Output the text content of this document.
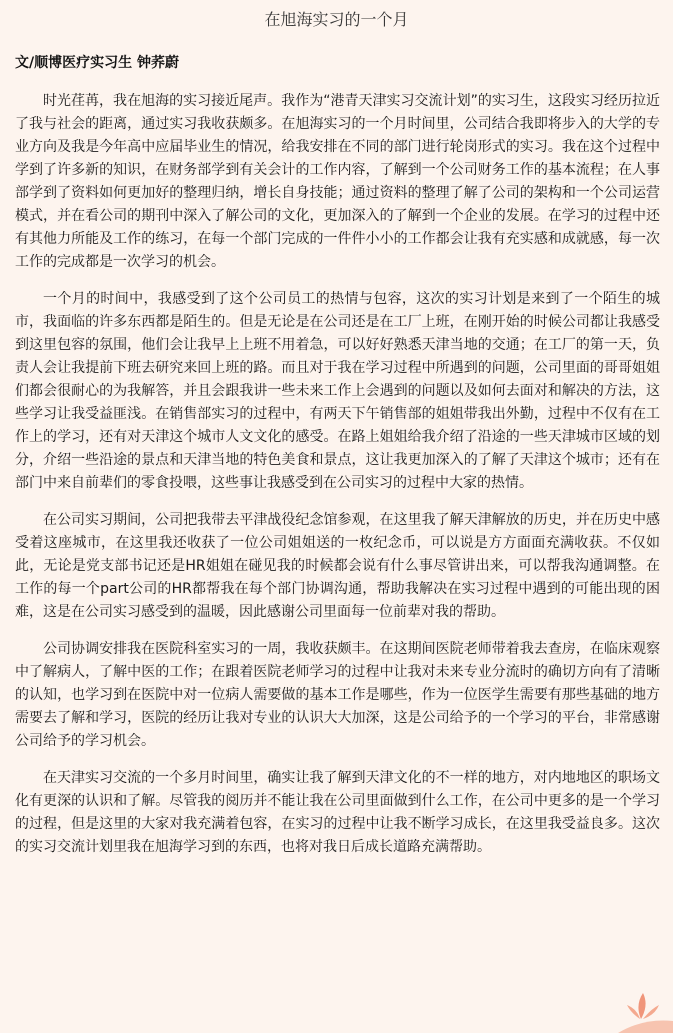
在旭海实习的一个月
文/顺博医疗实习生 钟荞蔚

时光荏苒，我在旭海的实习接近尾声。我作为“港青天津实习交流计划”的实习生，这段实习经历拉近了我与社会的距离，通过实习我收获颇多。在旭海实习的一个月时间里，公司结合我即将步入的大学的专业方向及我是今年高中应届毕业生的情况，给我安排在不同的部门进行轮岗形式的实习。我在这个过程中学到了许多新的知识，在财务部学到有关会计的工作内容，了解到一个公司财务工作的基本流程；在人事部学到了资料如何更加好的整理归纳，增长自身技能；通过资料的整理了解了公司的架构和一个公司运营模式，并在看公司的期刊中深入了解公司的文化，更加深入的了解到一个企业的发展。在学习的过程中还有其他力所能及工作的练习，在每一个部门完成的一件件小小的工作都会让我有充实感和成就感，每一次工作的完成都是一次学习的机会。

一个月的时间中，我感受到了这个公司员工的热情与包容，这次的实习计划是来到了一个陌生的城市，我面临的许多东西都是陌生的。但是无论是在公司还是在工厂上班，在刚开始的时候公司都让我感受到这里包容的氛围，他们会让我早上上班不用着急，可以好好熟悉天津当地的交通；在工厂的第一天，负责人会让我提前下班去研究来回上班的路。而且对于我在学习过程中所遇到的问题，公司里面的哥哥姐姐们都会很耐心的为我解答，并且会跟我讲一些未来工作上会遇到的问题以及如何去面对和解决的方法，这些学习让我受益匪浅。在销售部实习的过程中，有两天下午销售部的姐姐带我出外勤，过程中不仅有在工作上的学习，还有对天津这个城市人文文化的感受。在路上姐姐给我介绍了沿途的一些天津城市区域的划分，介绍一些沿途的景点和天津当地的特色美食和景点，这让我更加深入的了解了天津这个城市；还有在部门中来自前辈们的零食投喂，这些事让我感受到在公司实习的过程中大家的热情。

在公司实习期间，公司把我带去平津战役纪念馆参观，在这里我了解天津解放的历史，并在历史中感受着这座城市，在这里我还收获了一位公司姐姐送的一枚纪念币，可以说是方方面面充满收获。不仅如此，无论是党支部书记还是HR姐姐在碰见我的时候都会说有什么事尽管讲出来，可以帮我沟通调整。在工作的每一个part公司的HR都帮我在每个部门协调沟通，帮助我解决在实习过程中遇到的可能出现的困难，这是在公司实习感受到的温暖，因此感谢公司里面每一位前辈对我的帮助。

公司协调安排我在医院科室实习的一周，我收获颇丰。在这期间医院老师带着我去查房，在临床观察中了解病人，了解中医的工作；在跟着医院老师学习的过程中让我对未来专业分流时的确切方向有了清晰的认知，也学习到在医院中对一位病人需要做的基本工作是哪些，作为一位医学生需要有那些基础的地方需要去了解和学习，医院的经历让我对专业的认识大大加深，这是公司给予的一个学习的平台，非常感谢公司给予的学习机会。

在天津实习交流的一个多月时间里，确实让我了解到天津文化的不一样的地方，对内地地区的职场文化有更深的认识和了解。尽管我的阅历并不能让我在公司里面做到什么工作，在公司中更多的是一个学习的过程，但是这里的大家对我充满着包容，在实习的过程中让我不断学习成长，在这里我受益良多。这次的实习交流计划里我在旭海学习到的东西，也将对我日后成长道路充满帮助。
